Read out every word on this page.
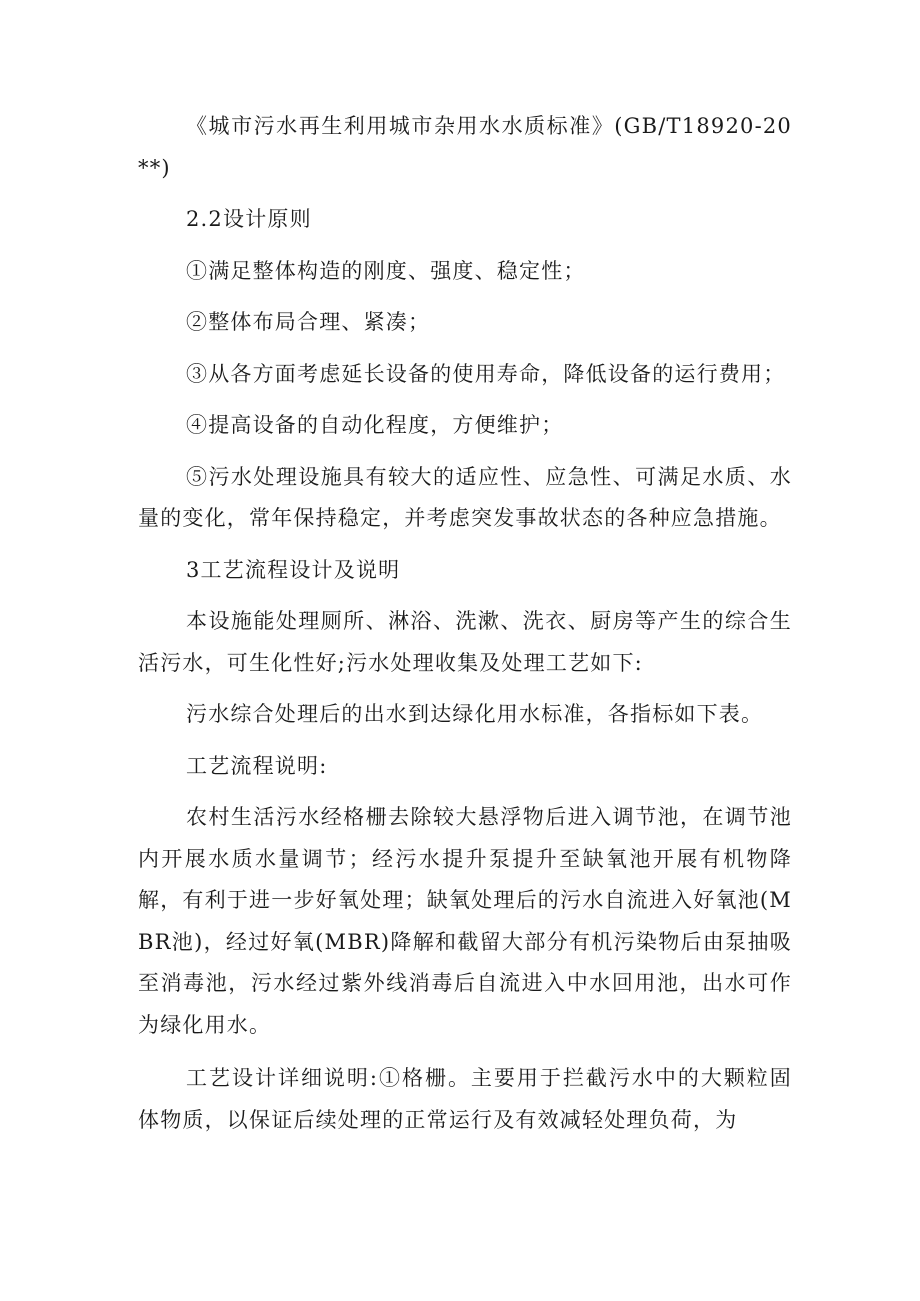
《城市污水再生利用城市杂用水水质标准》(GB/T18920-20**)

2.2设计原则

①满足整体构造的刚度、强度、稳定性；

②整体布局合理、紧凑；

③从各方面考虑延长设备的使用寿命，降低设备的运行费用；

④提高设备的自动化程度，方便维护；

⑤污水处理设施具有较大的适应性、应急性、可满足水质、水量的变化，常年保持稳定，并考虑突发事故状态的各种应急措施。

3工艺流程设计及说明

本设施能处理厕所、淋浴、洗漱、洗衣、厨房等产生的综合生活污水，可生化性好;污水处理收集及处理工艺如下:

污水综合处理后的出水到达绿化用水标准，各指标如下表。

工艺流程说明:

农村生活污水经格栅去除较大悬浮物后进入调节池，在调节池内开展水质水量调节；经污水提升泵提升至缺氧池开展有机物降解，有利于进一步好氧处理；缺氧处理后的污水自流进入好氧池(MBR池)，经过好氧(MBR)降解和截留大部分有机污染物后由泵抽吸至消毒池，污水经过紫外线消毒后自流进入中水回用池，出水可作为绿化用水。

工艺设计详细说明:①格栅。主要用于拦截污水中的大颗粒固体物质，以保证后续处理的正常运行及有效减轻处理负荷，为
